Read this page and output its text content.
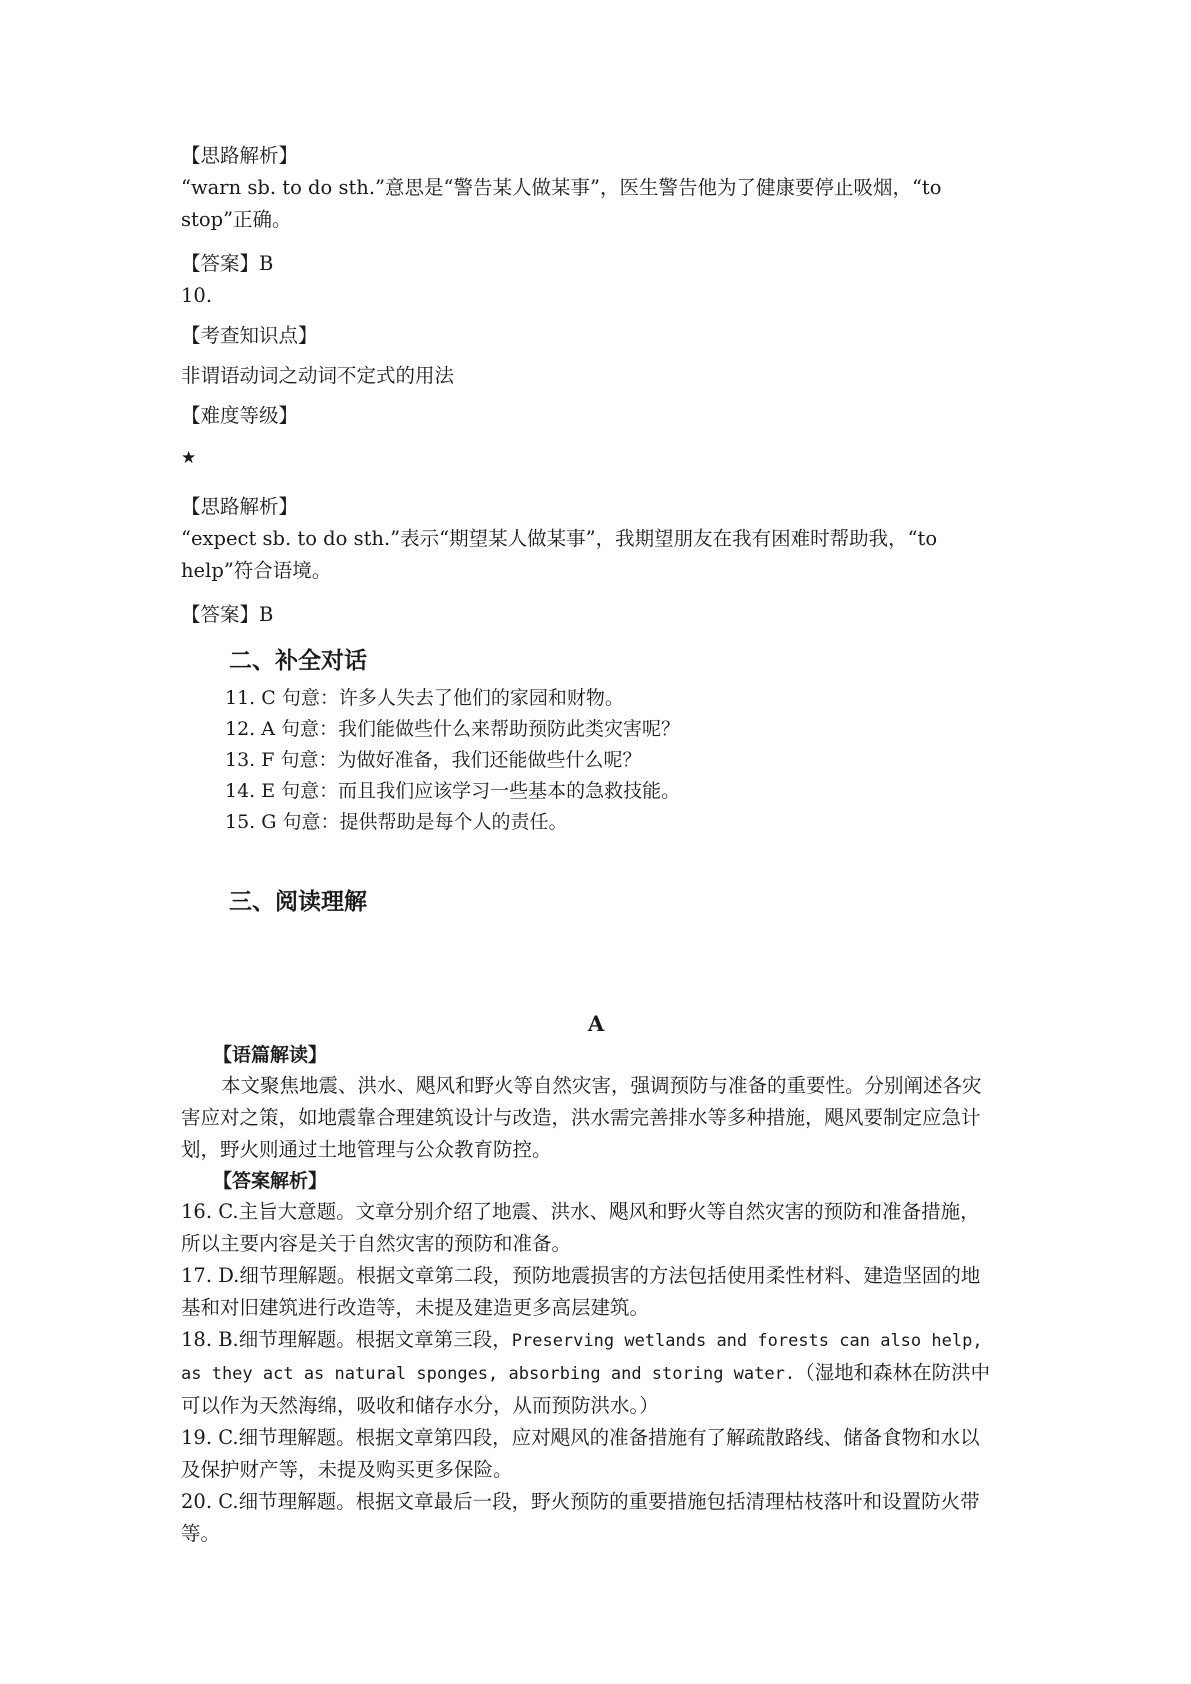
【思路解析】

“warn sb. to do sth.”意思是“警告某人做某事”，医生警告他为了健康要停止吸烟，“to stop”正确。

【答案】B

10.

【考查知识点】

非谓语动词之动词不定式的用法

【难度等级】

★

【思路解析】

“expect sb. to do sth.”表示“期望某人做某事”，我期望朋友在我有困难时帮助我，“to help”符合语境。

【答案】B

二、补全对话
11. C 句意：许多人失去了他们的家园和财物。
12. A 句意：我们能做些什么来帮助预防此类灾害呢？
13. F 句意：为做好准备，我们还能做些什么呢？
14. E 句意：而且我们应该学习一些基本的急救技能。
15. G 句意：提供帮助是每个人的责任。
三、阅读理解
A
【语篇解读】

本文聚焦地震、洪水、飓风和野火等自然灾害，强调预防与准备的重要性。分别阐述各灾害应对之策，如地震靠合理建筑设计与改造，洪水需完善排水等多种措施，飓风要制定应急计划，野火则通过土地管理与公众教育防控。

【答案解析】

16. C.主旨大意题。文章分别介绍了地震、洪水、飓风和野火等自然灾害的预防和准备措施，所以主要内容是关于自然灾害的预防和准备。

17. D.细节理解题。根据文章第二段，预防地震损害的方法包括使用柔性材料、建造坚固的地基和对旧建筑进行改造等，未提及建造更多高层建筑。

18. B.细节理解题。根据文章第三段，Preserving wetlands and forests can also help, as they act as natural sponges, absorbing and storing water.（湿地和森林在防洪中可以作为天然海绵，吸收和储存水分，从而预防洪水。）

19. C.细节理解题。根据文章第四段，应对飓风的准备措施有了解疏散路线、储备食物和水以及保护财产等，未提及购买更多保险。

20. C.细节理解题。根据文章最后一段，野火预防的重要措施包括清理枯枝落叶和设置防火带等。
